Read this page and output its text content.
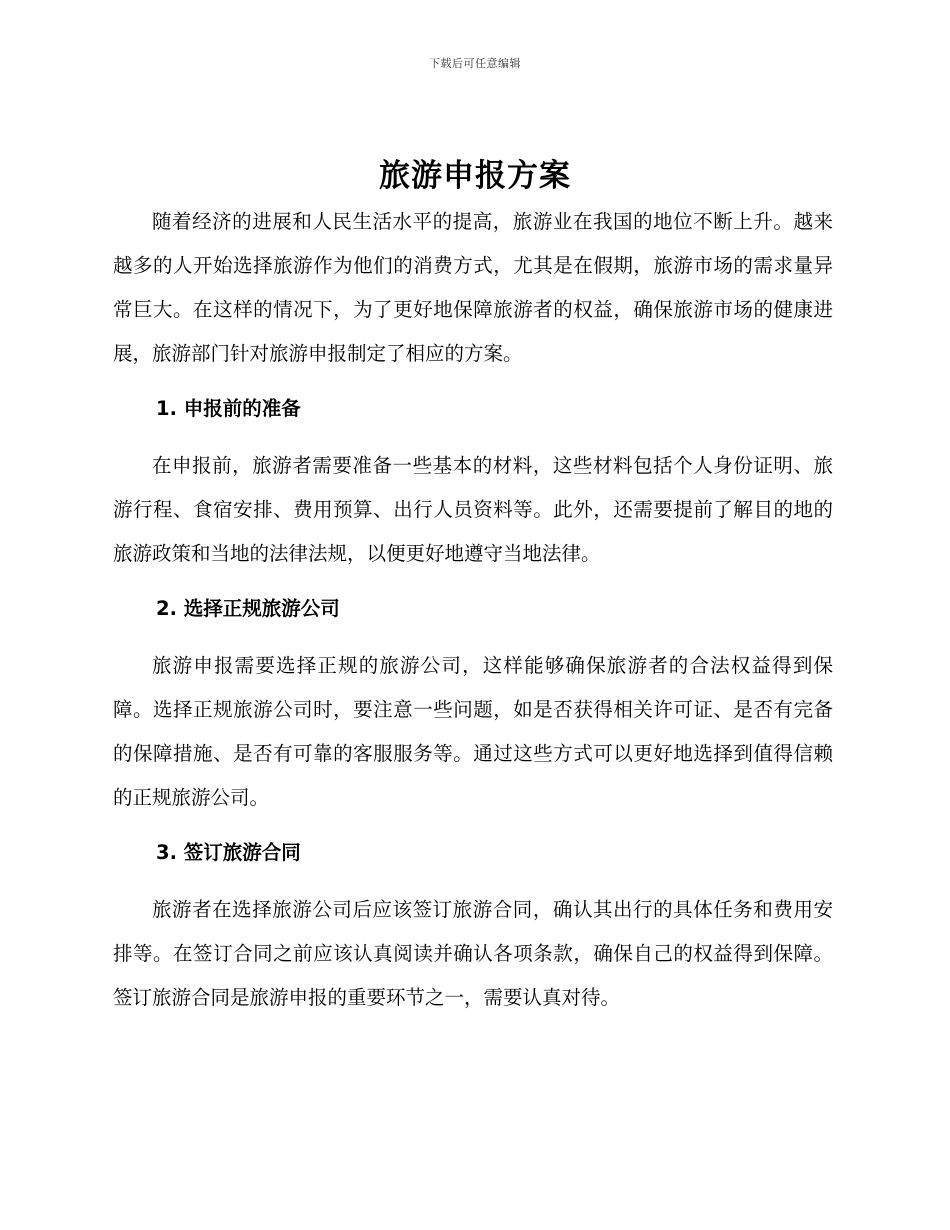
下载后可任意编辑
旅游申报方案

随着经济的进展和人民生活水平的提高，旅游业在我国的地位不断上升。越来越多的人开始选择旅游作为他们的消费方式，尤其是在假期，旅游市场的需求量异常巨大。在这样的情况下，为了更好地保障旅游者的权益，确保旅游市场的健康进展，旅游部门针对旅游申报制定了相应的方案。

1. 申报前的准备

在申报前，旅游者需要准备一些基本的材料，这些材料包括个人身份证明、旅游行程、食宿安排、费用预算、出行人员资料等。此外，还需要提前了解目的地的旅游政策和当地的法律法规，以便更好地遵守当地法律。

2. 选择正规旅游公司

旅游申报需要选择正规的旅游公司，这样能够确保旅游者的合法权益得到保障。选择正规旅游公司时，要注意一些问题，如是否获得相关许可证、是否有完备的保障措施、是否有可靠的客服服务等。通过这些方式可以更好地选择到值得信赖的正规旅游公司。

3. 签订旅游合同

旅游者在选择旅游公司后应该签订旅游合同，确认其出行的具体任务和费用安排等。在签订合同之前应该认真阅读并确认各项条款，确保自己的权益得到保障。签订旅游合同是旅游申报的重要环节之一，需要认真对待。
